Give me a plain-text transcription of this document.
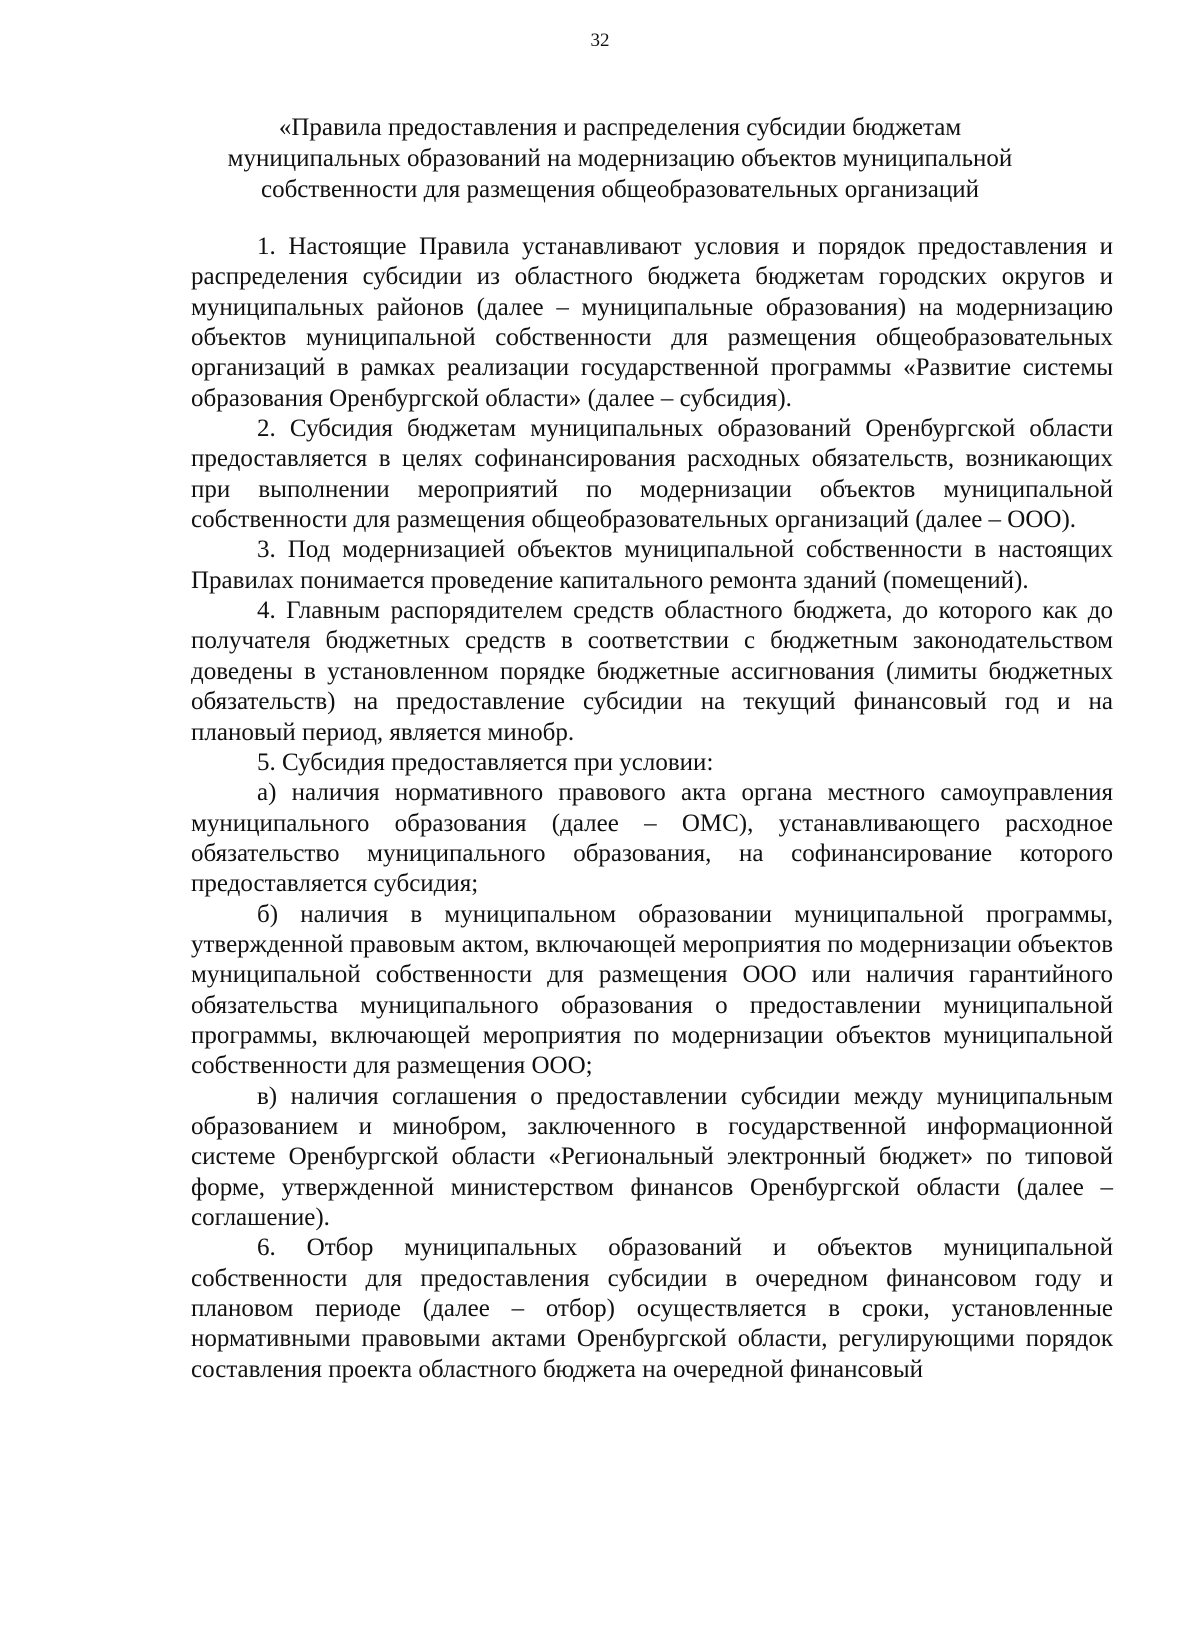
32
«Правила предоставления и распределения субсидии бюджетам
муниципальных образований на модернизацию объектов муниципальной
собственности для размещения общеобразовательных организаций

1. Настоящие Правила устанавливают условия и порядок предоставления и распределения субсидии из областного бюджета бюджетам городских округов и муниципальных районов (далее – муниципальные образования) на модернизацию объектов муниципальной собственности для размещения общеобразовательных организаций в рамках реализации государственной программы «Развитие системы образования Оренбургской области» (далее – субсидия).

2. Субсидия бюджетам муниципальных образований Оренбургской области предоставляется в целях софинансирования расходных обязательств, возникающих при выполнении мероприятий по модернизации объектов муниципальной собственности для размещения общеобразовательных организаций (далее – ООО).

3. Под модернизацией объектов муниципальной собственности в настоящих Правилах понимается проведение капитального ремонта зданий (помещений).

4. Главным распорядителем средств областного бюджета, до которого как до получателя бюджетных средств в соответствии с бюджетным законодательством доведены в установленном порядке бюджетные ассигнования (лимиты бюджетных обязательств) на предоставление субсидии на текущий финансовый год и на плановый период, является минобр.

5. Субсидия предоставляется при условии:

а) наличия нормативного правового акта органа местного самоуправления муниципального образования (далее – ОМС), устанавливающего расходное обязательство муниципального образования, на софинансирование которого предоставляется субсидия;

б) наличия в муниципальном образовании муниципальной программы, утвержденной правовым актом, включающей мероприятия по модернизации объектов муниципальной собственности для размещения ООО или наличия гарантийного обязательства муниципального образования о предоставлении муниципальной программы, включающей мероприятия по модернизации объектов муниципальной собственности для размещения ООО;

в) наличия соглашения о предоставлении субсидии между муниципальным образованием и минобром, заключенного в государственной информационной системе Оренбургской области «Региональный электронный бюджет» по типовой форме, утвержденной министерством финансов Оренбургской области (далее – соглашение).

6. Отбор муниципальных образований и объектов муниципальной собственности для предоставления субсидии в очередном финансовом году и плановом периоде (далее – отбор) осуществляется в сроки, установленные нормативными правовыми актами Оренбургской области, регулирующими порядок составления проекта областного бюджета на очередной финансовый
